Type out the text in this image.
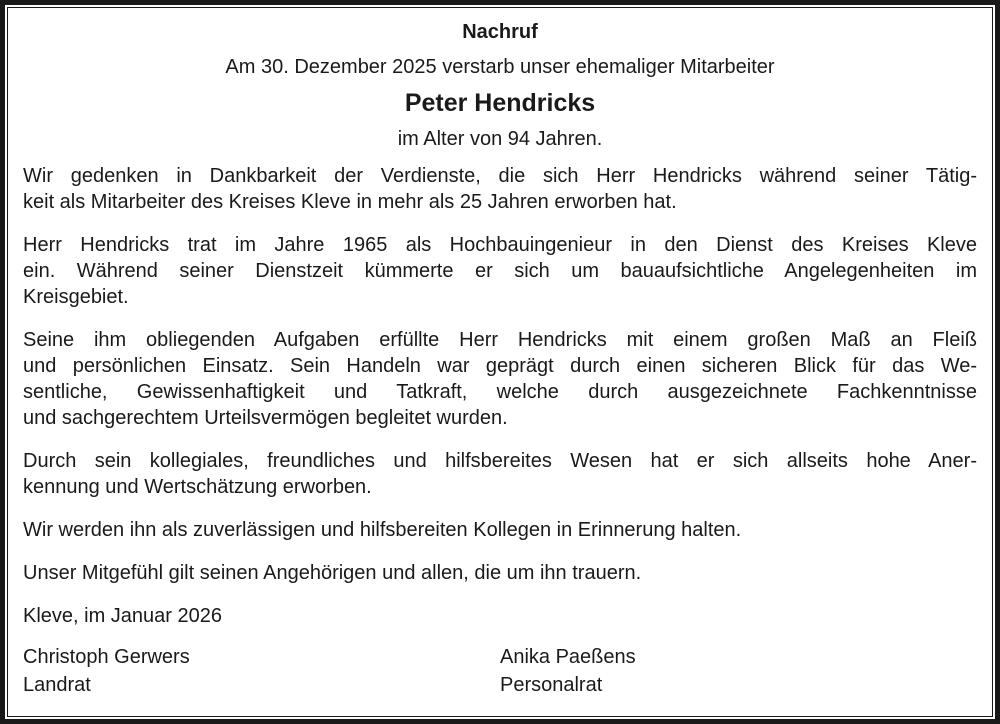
Nachruf
Am 30. Dezember 2025 verstarb unser ehemaliger Mitarbeiter
Peter Hendricks
im Alter von 94 Jahren.
Wir gedenken in Dankbarkeit der Verdienste, die sich Herr Hendricks während seiner Tätig-
keit als Mitarbeiter des Kreises Kleve in mehr als 25 Jahren erworben hat.
Herr Hendricks trat im Jahre 1965 als Hochbauingenieur in den Dienst des Kreises Kleve
ein. Während seiner Dienstzeit kümmerte er sich um bauaufsichtliche Angelegenheiten im
Kreisgebiet.
Seine ihm obliegenden Aufgaben erfüllte Herr Hendricks mit einem großen Maß an Fleiß
und persönlichen Einsatz. Sein Handeln war geprägt durch einen sicheren Blick für das We-
sentliche, Gewissenhaftigkeit und Tatkraft, welche durch ausgezeichnete Fachkenntnisse
und sachgerechtem Urteilsvermögen begleitet wurden.
Durch sein kollegiales, freundliches und hilfsbereites Wesen hat er sich allseits hohe Aner-
kennung und Wertschätzung erworben.
Wir werden ihn als zuverlässigen und hilfsbereiten Kollegen in Erinnerung halten.
Unser Mitgefühl gilt seinen Angehörigen und allen, die um ihn trauern.
Kleve, im Januar 2026
Christoph Gerwers
Landrat
Anika Paeßens
Personalrat
